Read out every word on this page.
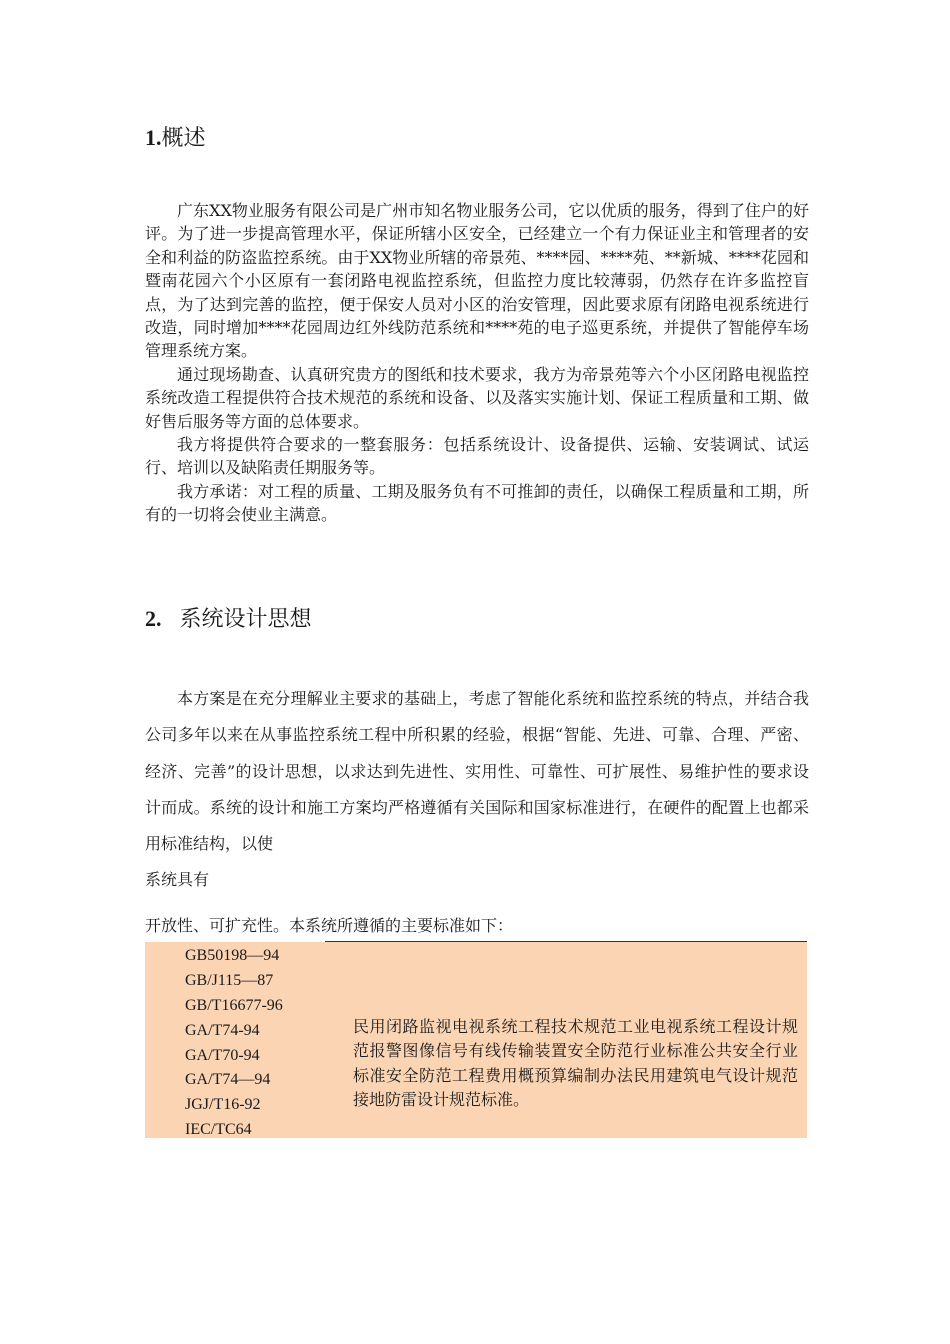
1.概述

广东XX物业服务有限公司是广州市知名物业服务公司，它以优质的服务，得到了住户的好评。为了进一步提高管理水平，保证所辖小区安全，已经建立一个有力保证业主和管理者的安全和利益的防盗监控系统。由于XX物业所辖的帝景苑、****园、****苑、**新城、****花园和暨南花园六个小区原有一套闭路电视监控系统，但监控力度比较薄弱，仍然存在许多监控盲点，为了达到完善的监控，便于保安人员对小区的治安管理，因此要求原有闭路电视系统进行改造，同时增加****花园周边红外线防范系统和****苑的电子巡更系统，并提供了智能停车场管理系统方案。

通过现场勘查、认真研究贵方的图纸和技术要求，我方为帝景苑等六个小区闭路电视监控系统改造工程提供符合技术规范的系统和设备、以及落实实施计划、保证工程质量和工期、做好售后服务等方面的总体要求。

我方将提供符合要求的一整套服务：包括系统设计、设备提供、运输、安装调试、试运行、培训以及缺陷责任期服务等。

我方承诺：对工程的质量、工期及服务负有不可推卸的责任，以确保工程质量和工期，所有的一切将会使业主满意。

2. 系统设计思想

本方案是在充分理解业主要求的基础上，考虑了智能化系统和监控系统的特点，并结合我公司多年以来在从事监控系统工程中所积累的经验，根据“智能、先进、可靠、合理、严密、经济、完善”的设计思想，以求达到先进性、实用性、可靠性、可扩展性、易维护性的要求设计而成。系统的设计和施工方案均严格遵循有关国际和国家标准进行，在硬件的配置上也都采用标准结构，以使

系统具有

开放性、可扩充性。本系统所遵循的主要标准如下：
GB50198—94
GB/J115—87
GB/T16677-96
GA/T74-94
GA/T70-94
GA/T74—94
JGJ/T16-92
IEC/TC64

民用闭路监视电视系统工程技术规范工业电视系统工程设计规范报警图像信号有线传输装置安全防范行业标准公共安全行业标准安全防范工程费用概预算编制办法民用建筑电气设计规范接地防雷设计规范标准。
